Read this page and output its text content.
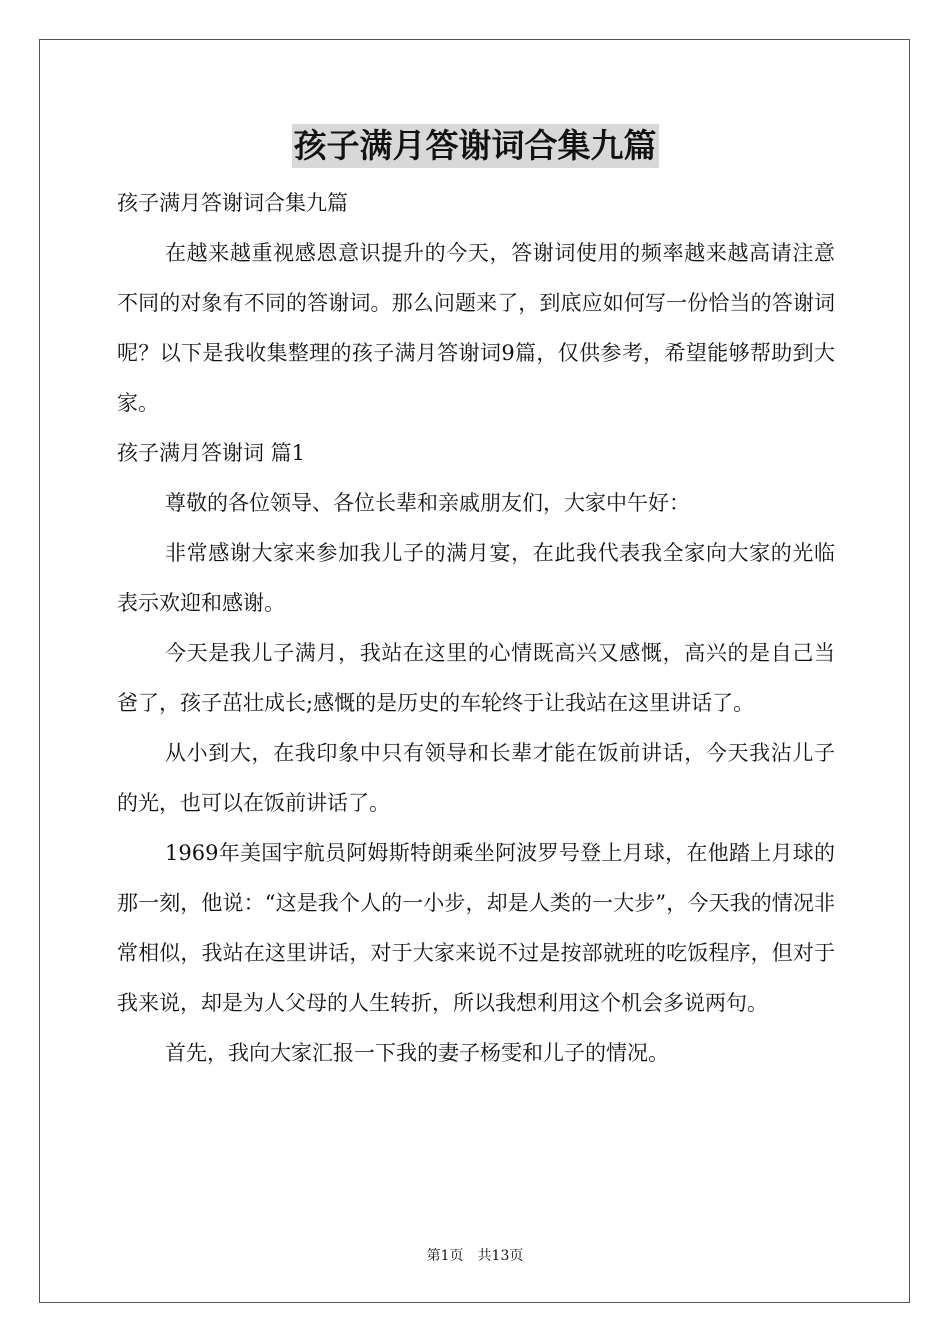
孩子满月答谢词合集九篇

孩子满月答谢词合集九篇

在越来越重视感恩意识提升的今天，答谢词使用的频率越来越高请注意不同的对象有不同的答谢词。那么问题来了，到底应如何写一份恰当的答谢词呢？以下是我收集整理的孩子满月答谢词9篇，仅供参考，希望能够帮助到大家。

孩子满月答谢词 篇1

尊敬的各位领导、各位长辈和亲戚朋友们，大家中午好：

非常感谢大家来参加我儿子的满月宴，在此我代表我全家向大家的光临表示欢迎和感谢。

今天是我儿子满月，我站在这里的心情既高兴又感慨，高兴的是自己当爸了，孩子茁壮成长;感慨的是历史的车轮终于让我站在这里讲话了。

从小到大，在我印象中只有领导和长辈才能在饭前讲话，今天我沾儿子的光，也可以在饭前讲话了。

1969年美国宇航员阿姆斯特朗乘坐阿波罗号登上月球，在他踏上月球的那一刻，他说：“这是我个人的一小步，却是人类的一大步”，今天我的情况非常相似，我站在这里讲话，对于大家来说不过是按部就班的吃饭程序，但对于我来说，却是为人父母的人生转折，所以我想利用这个机会多说两句。

首先，我向大家汇报一下我的妻子杨雯和儿子的情况。

第1页　共13页
